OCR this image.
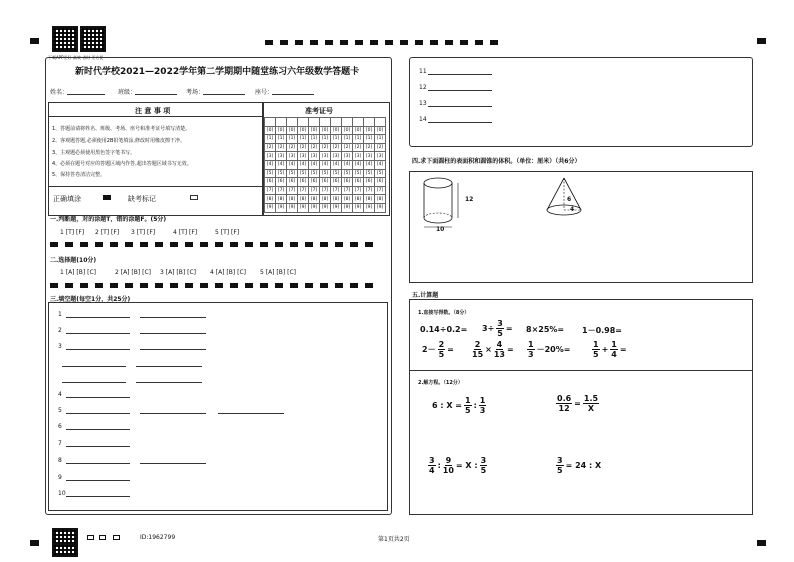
下载APP更好 高效·省时·更方便
新时代学校2021—2022学年第二学期期中随堂练习六年级数学答题卡
姓名：	班级：	考场：	座号：
注 意 事 项
1、答题前请将姓名、班级、考场、座号和准考证号填写清楚。
2、客观题答题,必须使用2B铅笔填涂,修改时用橡皮擦干净。
3、主观题必须使用黑色签字笔书写。
4、必须在题号对应的答题区域内作答,超出答题区域书写无效。
5、保持答卷清洁完整。
正确填涂	缺考标记
准考证号

[0]	[0]	[0]	[0]	[0]	[0]	[0]	[0]	[0]	[0]	[0]
[1]	[1]	[1]	[1]	[1]	[1]	[1]	[1]	[1]	[1]	[1]
[2]	[2]	[2]	[2]	[2]	[2]	[2]	[2]	[2]	[2]	[2]
[3]	[3]	[3]	[3]	[3]	[3]	[3]	[3]	[3]	[3]	[3]
[4]	[4]	[4]	[4]	[4]	[4]	[4]	[4]	[4]	[4]	[4]
[5]	[5]	[5]	[5]	[5]	[5]	[5]	[5]	[5]	[5]	[5]
[6]	[6]	[6]	[6]	[6]	[6]	[6]	[6]	[6]	[6]	[6]
[7]	[7]	[7]	[7]	[7]	[7]	[7]	[7]	[7]	[7]	[7]
[8]	[8]	[8]	[8]	[8]	[8]	[8]	[8]	[8]	[8]	[8]
[9]	[9]	[9]	[9]	[9]	[9]	[9]	[9]	[9]	[9]	[9]
一.判断题，对的涂题T，错的涂题F。(5分)
1 [T] [F] 2 [T] [F] 3 [T] [F]	4 [T] [F]	5 [T] [F]
二.选择题(10分)
1 [A] [B] [C]	2 [A] [B] [C] 3 [A] [B] [C] 4 [A] [B] [C] 5 [A] [B] [C]
三.填空题(每空1分，共25分)
1
2
3
4
5
6
7
8
9
10
11
12
13
14
四.求下面圆柱的表面积和圆锥的体积。（单位：厘米）（共6分）
12
10
6
4
五.计算题
1.直接写得数。（8分）
$0.14\div 0.2= 3\div \frac{3}{5} = 8\times 25\%= 1-0.98=$
$2- \frac{2}{5} = \frac{2}{15} \times \frac{4}{13} = \frac{1}{3} -20\%=$	$\frac{1}{5} + \frac{1}{4}$ =
2.解方程。（12分）
6 : $X = \frac{1}{5}$ : $\frac{1}{3}$	$\frac{0.6}{12} = \frac{1.5}{X}$
$\frac{3}{4}$ : $\frac{9}{10} = X$ : $\frac{3}{5}$	$\frac{3}{5} = 24$ : X
ID:1962799	第1页共2页
